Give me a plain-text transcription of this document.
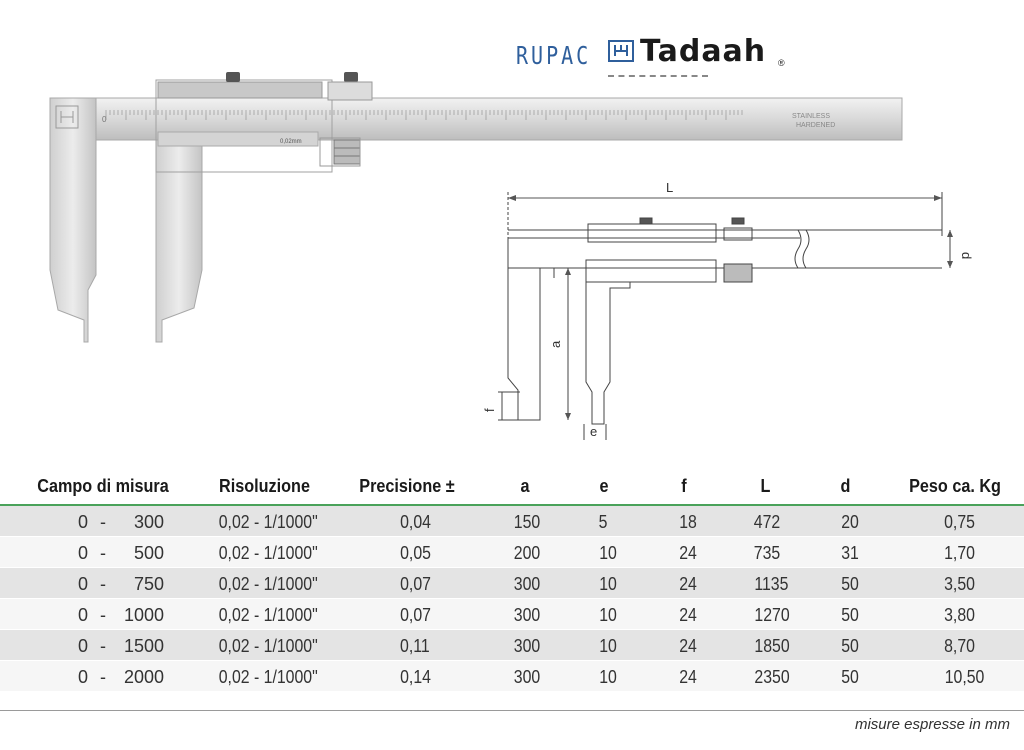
RUPAC Tadaah ®
0	STAINLESS
HARDENED
0,02mm
L
d
a
f
e
Campo di misura	Risoluzione	Precisione ±	a	e	f	L	d	Peso ca. Kg
0 - 300	0,02 - 1/1000"	0,04	150	5	18	472	20	0,75
0 - 500	0,02 - 1/1000"	0,05	200	10	24	735	31	1,70
0 - 750	0,02 - 1/1000"	0,07	300	10	24	1135	50	3,50
0 - 1000	0,02 - 1/1000"	0,07	300	10	24	1270	50	3,80
0 - 1500	0,02 - 1/1000"	0,11	300	10	24	1850	50	8,70
0 - 2000	0,02 - 1/1000"	0,14	300	10	24	2350	50	10,50
misure espresse in mm
